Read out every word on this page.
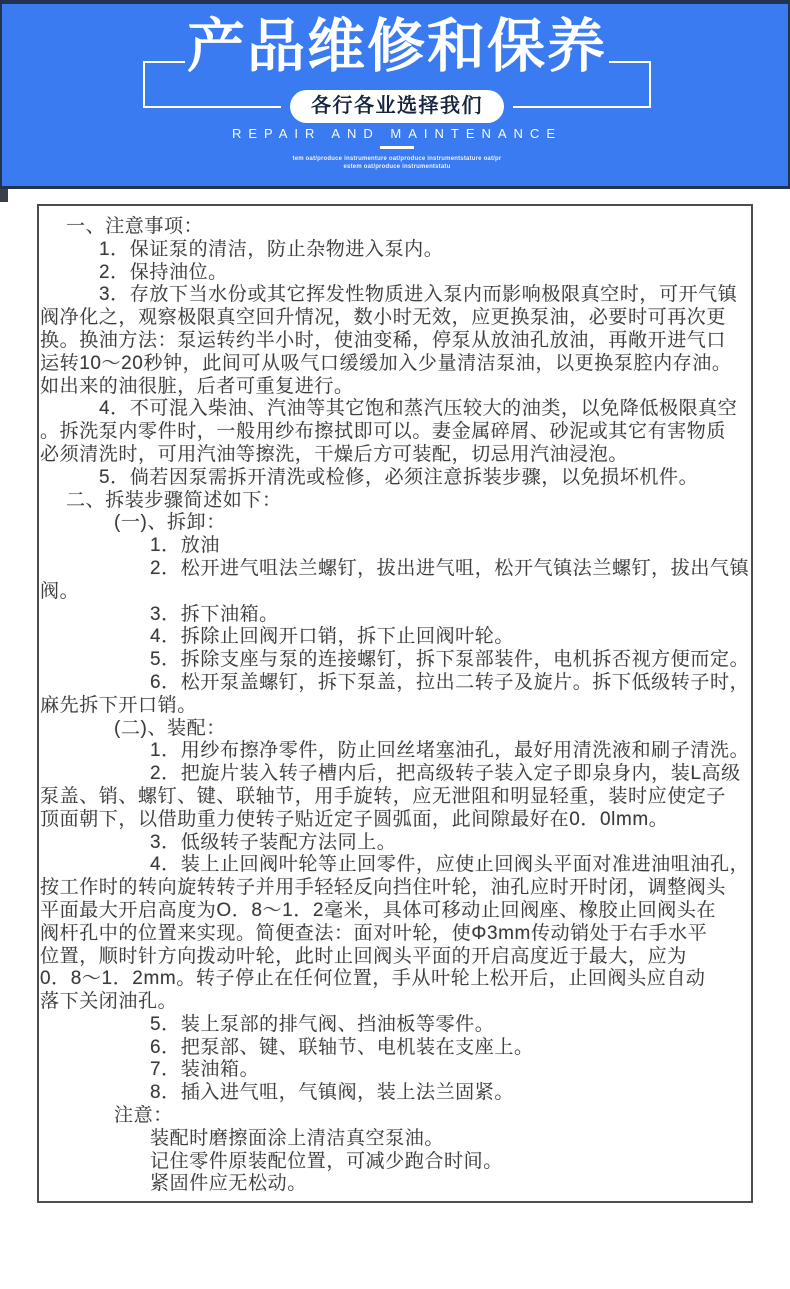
产品维修和保养
各行各业选择我们
REPAIR AND MAINTENANCE
tem oat/produce instrumenture oat/produce instrumentstature oat/pr
estem oat/produce instrumentstatu
一、注意事项：
1．保证泵的清洁，防止杂物进入泵内。
2．保持油位。
3．存放下当水份或其它挥发性物质进入泵内而影响极限真空时，可开气镇
阀净化之，观察极限真空回升情况，数小时无效，应更换泵油，必要时可再次更
换。换油方法：泵运转约半小时，使油变稀，停泵从放油孔放油，再敞开进气口
运转10～20秒钟，此间可从吸气口缓缓加入少量清洁泵油，以更换泵腔内存油。
如出来的油很脏，后者可重复进行。
4．不可混入柴油、汽油等其它饱和蒸汽压较大的油类，以免降低极限真空
。拆洗泵内零件时，一般用纱布擦拭即可以。妻金属碎屑、砂泥或其它有害物质
必须清洗时，可用汽油等擦洗，干燥后方可装配，切忌用汽油浸泡。
5．倘若因泵需拆开清洗或检修，必须注意拆装步骤，以免损坏机件。
二、拆装步骤简述如下：
(一)、拆卸：
1．放油
2．松开进气咀法兰螺钉，拔出进气咀，松开气镇法兰螺钉，拔出气镇
阀。
3．拆下油箱。
4．拆除止回阀开口销，拆下止回阀叶轮。
5．拆除支座与泵的连接螺钉，拆下泵部装件，电机拆否视方便而定。
6．松开泵盖螺钉，拆下泵盖，拉出二转子及旋片。拆下低级转子时，
麻先拆下开口销。
(二)、装配：
1．用纱布擦净零件，防止回丝堵塞油孔，最好用清洗液和刷子清洗。
2．把旋片装入转子槽内后，把高级转子装入定子即泉身内，装L高级
泵盖、销、螺钉、键、联轴节，用手旋转，应无泄阻和明显轻重，装时应使定子
顶面朝下，以借助重力使转子贴近定子圆弧面，此间隙最好在0．0lmm。
3．低级转子装配方法同上。
4．装上止回阀叶轮等止回零件，应使止回阀头平面对准进油咀油孔，
按工作时的转向旋转转子并用手轻轻反向挡住叶轮，油孔应时开时闭，调整阀头
平面最大开启高度为O．8～1．2毫米，具体可移动止回阀座、橡胶止回阀头在
阀杆孔中的位置来实现。简便查法：面对叶轮，使Φ3mm传动销处于右手水平
位置，顺时针方向拨动叶轮，此时止回阀头平面的开启高度近于最大，应为
0．8～1．2mm。转子停止在任何位置，手从叶轮上松开后，止回阀头应自动
落下关闭油孔。
5．装上泵部的排气阀、挡油板等零件。
6．把泵部、键、联轴节、电机装在支座上。
7．装油箱。
8．插入进气咀，气镇阀，装上法兰固紧。
注意：
装配时磨擦面涂上清洁真空泵油。
记住零件原装配位置，可减少跑合时间。
紧固件应无松动。
